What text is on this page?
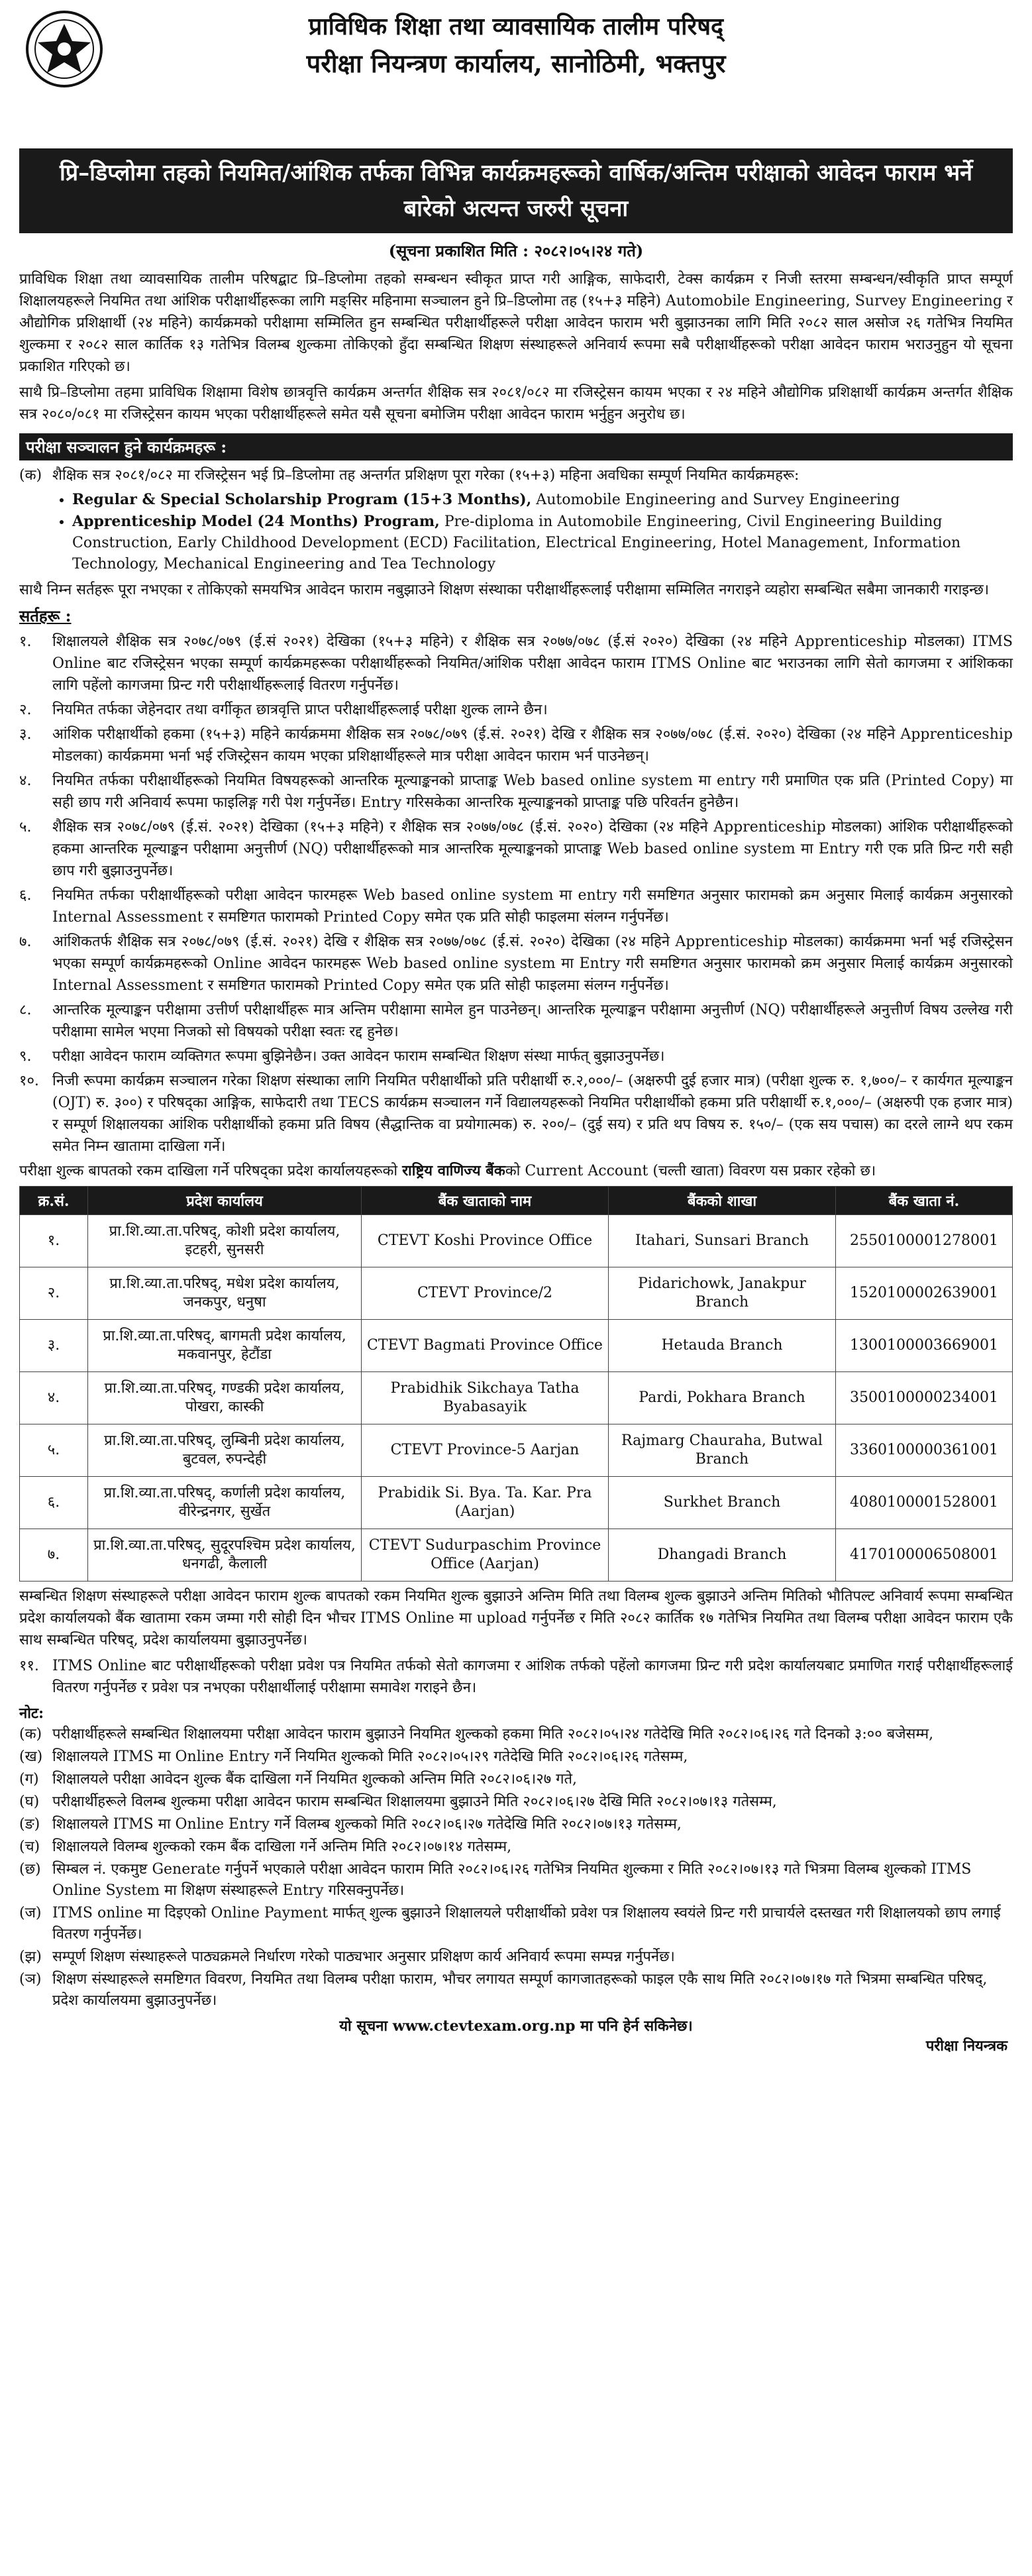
प्राविधिक शिक्षा तथा व्यावसायिक तालीम परिषद्
परीक्षा नियन्त्रण कार्यालय, सानोठिमी, भक्तपुर
प्रि–डिप्लोमा तहको नियमित/आंशिक तर्फका विभिन्न कार्यक्रमहरूको वार्षिक/अन्तिम परीक्षाको आवेदन फाराम भर्ने बारेको अत्यन्त जरुरी सूचना
(सूचना प्रकाशित मिति : २०८२।०५।२४ गते)

प्राविधिक शिक्षा तथा व्यावसायिक तालीम परिषद्बाट प्रि–डिप्लोमा तहको सम्बन्धन स्वीकृत प्राप्त गरी आङ्गिक, साफेदारी, टेक्स कार्यक्रम र निजी स्तरमा सम्बन्धन/स्वीकृति प्राप्त सम्पूर्ण शिक्षालयहरूले नियमित तथा आंशिक परीक्षार्थीहरूका लागि मङ्सिर महिनामा सञ्चालन हुने प्रि–डिप्लोमा तह (१५+३ महिने) Automobile Engineering, Survey Engineering र औद्योगिक प्रशिक्षार्थी (२४ महिने) कार्यक्रमको परीक्षामा सम्मिलित हुन सम्बन्धित परीक्षार्थीहरूले परीक्षा आवेदन फाराम भरी बुझाउनका लागि मिति २०८२ साल असोज २६ गतेभित्र नियमित शुल्कमा र २०८२ साल कार्तिक १३ गतेभित्र विलम्ब शुल्कमा तोकिएको हुँदा सम्बन्धित शिक्षण संस्थाहरूले अनिवार्य रूपमा सबै परीक्षार्थीहरूको परीक्षा आवेदन फाराम भराउनुहुन यो सूचना प्रकाशित गरिएको छ।

साथै प्रि–डिप्लोमा तहमा प्राविधिक शिक्षामा विशेष छात्रवृत्ति कार्यक्रम अन्तर्गत शैक्षिक सत्र २०८१/०८२ मा रजिस्ट्रेसन कायम भएका र २४ महिने औद्योगिक प्रशिक्षार्थी कार्यक्रम अन्तर्गत शैक्षिक सत्र २०८०/०८१ मा रजिस्ट्रेसन कायम भएका परीक्षार्थीहरूले समेत यसै सूचना बमोजिम परीक्षा आवेदन फाराम भर्नुहुन अनुरोध छ।

परीक्षा सञ्चालन हुने कार्यक्रमहरू :
(क) शैक्षिक सत्र २०८१/०८२ मा रजिस्ट्रेसन भई प्रि–डिप्लोमा तह अन्तर्गत प्रशिक्षण पूरा गरेका (१५+३) महिना अवधिका सम्पूर्ण नियमित कार्यक्रमहरू:
• Regular & Special Scholarship Program (15+3 Months), Automobile Engineering and Survey Engineering
• Apprenticeship Model (24 Months) Program, Pre-diploma in Automobile Engineering, Civil Engineering Building Construction, Early Childhood Development (ECD) Facilitation, Electrical Engineering, Hotel Management, Information Technology, Mechanical Engineering and Tea Technology

साथै निम्न सर्तहरू पूरा नभएका र तोकिएको समयभित्र आवेदन फाराम नबुझाउने शिक्षण संस्थाका परीक्षार्थीहरूलाई परीक्षामा सम्मिलित नगराइने व्यहोरा सम्बन्धित सबैमा जानकारी गराइन्छ।

सर्तहरू :
१.	शिक्षालयले शैक्षिक सत्र २०७८/०७९ (ई.सं २०२१) देखिका (१५+३ महिने) र शैक्षिक सत्र २०७७/०७८ (ई.सं २०२०) देखिका (२४ महिने Apprenticeship मोडलका) ITMS Online बाट रजिस्ट्रेसन भएका सम्पूर्ण कार्यक्रमहरूका परीक्षार्थीहरूको नियमित/आंशिक परीक्षा आवेदन फाराम ITMS Online बाट भराउनका लागि सेतो कागजमा र आंशिकका लागि पहेंलो कागजमा प्रिन्ट गरी परीक्षार्थीहरूलाई वितरण गर्नुपर्नेछ।
२.	नियमित तर्फका जेहेनदार तथा वर्गीकृत छात्रवृत्ति प्राप्त परीक्षार्थीहरूलाई परीक्षा शुल्क लाग्ने छैन।
३.	आंशिक परीक्षार्थीको हकमा (१५+३) महिने कार्यक्रममा शैक्षिक सत्र २०७८/०७९ (ई.सं. २०२१) देखि र शैक्षिक सत्र २०७७/०७८ (ई.सं. २०२०) देखिका (२४ महिने Apprenticeship मोडलका) कार्यक्रममा भर्ना भई रजिस्ट्रेसन कायम भएका प्रशिक्षार्थीहरूले मात्र परीक्षा आवेदन फाराम भर्न पाउनेछन्।
४.	नियमित तर्फका परीक्षार्थीहरूको नियमित विषयहरूको आन्तरिक मूल्याङ्कनको प्राप्ताङ्क Web based online system मा entry गरी प्रमाणित एक प्रति (Printed Copy) मा सही छाप गरी अनिवार्य रूपमा फाइलिङ्ग गरी पेश गर्नुपर्नेछ। Entry गरिसकेका आन्तरिक मूल्याङ्कनको प्राप्ताङ्क पछि परिवर्तन हुनेछैन।
५.	शैक्षिक सत्र २०७८/०७९ (ई.सं. २०२१) देखिका (१५+३ महिने) र शैक्षिक सत्र २०७७/०७८ (ई.सं. २०२०) देखिका (२४ महिने Apprenticeship मोडलका) आंशिक परीक्षार्थीहरूको हकमा आन्तरिक मूल्याङ्कन परीक्षामा अनुत्तीर्ण (NQ) परीक्षार्थीहरूको मात्र आन्तरिक मूल्याङ्कनको प्राप्ताङ्क Web based online system मा Entry गरी एक प्रति प्रिन्ट गरी सही छाप गरी बुझाउनुपर्नेछ।
६.	नियमित तर्फका परीक्षार्थीहरूको परीक्षा आवेदन फारमहरू Web based online system मा entry गरी समष्टिगत अनुसार फारामको क्रम अनुसार मिलाई कार्यक्रम अनुसारको Internal Assessment र समष्टिगत फारामको Printed Copy समेत एक प्रति सोही फाइलमा संलग्न गर्नुपर्नेछ।
७.	आंशिकतर्फ शैक्षिक सत्र २०७८/०७९ (ई.सं. २०२१) देखि र शैक्षिक सत्र २०७७/०७८ (ई.सं. २०२०) देखिका (२४ महिने Apprenticeship मोडलका) कार्यक्रममा भर्ना भई रजिस्ट्रेसन भएका सम्पूर्ण कार्यक्रमहरूको Online आवेदन फारमहरू Web based online system मा Entry गरी समष्टिगत अनुसार फारामको क्रम अनुसार मिलाई कार्यक्रम अनुसारको Internal Assessment र समष्टिगत फारामको Printed Copy समेत एक प्रति सोही फाइलमा संलग्न गर्नुपर्नेछ।
८.	आन्तरिक मूल्याङ्कन परीक्षामा उत्तीर्ण परीक्षार्थीहरू मात्र अन्तिम परीक्षामा सामेल हुन पाउनेछन्। आन्तरिक मूल्याङ्कन परीक्षामा अनुत्तीर्ण (NQ) परीक्षार्थीहरूले अनुत्तीर्ण विषय उल्लेख गरी परीक्षामा सामेल भएमा निजको सो विषयको परीक्षा स्वतः रद्द हुनेछ।
९.	परीक्षा आवेदन फाराम व्यक्तिगत रूपमा बुझिनेछैन। उक्त आवेदन फाराम सम्बन्धित शिक्षण संस्था मार्फत् बुझाउनुपर्नेछ।
१०. निजी रूपमा कार्यक्रम सञ्चालन गरेका शिक्षण संस्थाका लागि नियमित परीक्षार्थीको प्रति परीक्षार्थी रु.२,०००/– (अक्षरुपी दुई हजार मात्र) (परीक्षा शुल्क रु. १,७००/– र कार्यगत मूल्याङ्कन (OJT) रु. ३००) र परिषद्का आङ्गिक, साफेदारी तथा TECS कार्यक्रम सञ्चालन गर्ने विद्यालयहरूको नियमित परीक्षार्थीको हकमा प्रति परीक्षार्थी रु.१,०००/– (अक्षरुपी एक हजार मात्र) र सम्पूर्ण शिक्षालयका आंशिक परीक्षार्थीको हकमा प्रति विषय (सैद्धान्तिक वा प्रयोगात्मक) रु. २००/– (दुई सय) र प्रति थप विषय रु. १५०/– (एक सय पचास) का दरले लाग्ने थप रकम समेत निम्न खातामा दाखिला गर्ने।

परीक्षा शुल्क बापतको रकम दाखिला गर्ने परिषद्का प्रदेश कार्यालयहरूको राष्ट्रिय वाणिज्य बैंकको Current Account (चल्ती खाता) विवरण यस प्रकार रहेको छ।

क्र.सं.	प्रदेश कार्यालय	बैंक खाताको नाम	बैंकको शाखा	बैंक खाता नं.
१.	प्रा.शि.व्या.ता.परिषद्, कोशी प्रदेश कार्यालय, इटहरी, सुनसरी	CTEVT Koshi Province Office	Itahari, Sunsari Branch	2550100001278001
२.	प्रा.शि.व्या.ता.परिषद्, मधेश प्रदेश कार्यालय, जनकपुर, धनुषा	CTEVT Province/2	Pidarichowk, Janakpur Branch	1520100002639001
३.	प्रा.शि.व्या.ता.परिषद्, बागमती प्रदेश कार्यालय, मकवानपुर, हेटौंडा	CTEVT Bagmati Province Office	Hetauda Branch	1300100003669001
४.	प्रा.शि.व्या.ता.परिषद्, गण्डकी प्रदेश कार्यालय, पोखरा, कास्की	Prabidhik Sikchaya Tatha Byabasayik	Pardi, Pokhara Branch	3500100000234001
५.	प्रा.शि.व्या.ता.परिषद्, लुम्बिनी प्रदेश कार्यालय, बुटवल, रुपन्देही	CTEVT Province-5 Aarjan	Rajmarg Chauraha, Butwal Branch	3360100000361001
६.	प्रा.शि.व्या.ता.परिषद्, कर्णाली प्रदेश कार्यालय, वीरेन्द्रनगर, सुर्खेत	Prabidik Si. Bya. Ta. Kar. Pra (Aarjan)	Surkhet Branch	4080100001528001
७.	प्रा.शि.व्या.ता.परिषद्, सुदूरपश्चिम प्रदेश कार्यालय, धनगढी, कैलाली	CTEVT Sudurpaschim Province Office (Aarjan)	Dhangadi Branch	4170100006508001

सम्बन्धित शिक्षण संस्थाहरूले परीक्षा आवेदन फाराम शुल्क बापतको रकम नियमित शुल्क बुझाउने अन्तिम मिति तथा विलम्ब शुल्क बुझाउने अन्तिम मितिको भौतिपल्ट अनिवार्य रूपमा सम्बन्धित प्रदेश कार्यालयको बैंक खातामा रकम जम्मा गरी सोही दिन भौचर ITMS Online मा upload गर्नुपर्नेछ र मिति २०८२ कार्तिक १७ गतेभित्र नियमित तथा विलम्ब परीक्षा आवेदन फाराम एकै साथ सम्बन्धित परिषद्, प्रदेश कार्यालयमा बुझाउनुपर्नेछ।

११. ITMS Online बाट परीक्षार्थीहरूको परीक्षा प्रवेश पत्र नियमित तर्फको सेतो कागजमा र आंशिक तर्फको पहेंलो कागजमा प्रिन्ट गरी प्रदेश कार्यालयबाट प्रमाणित गराई परीक्षार्थीहरूलाई वितरण गर्नुपर्नेछ र प्रवेश पत्र नभएका परीक्षार्थीलाई परीक्षामा समावेश गराइने छैन।
नोट:
(क) परीक्षार्थीहरूले सम्बन्धित शिक्षालयमा परीक्षा आवेदन फाराम बुझाउने नियमित शुल्कको हकमा मिति २०८२।०५।२४ गतेदेखि मिति २०८२।०६।२६ गते दिनको ३:०० बजेसम्म,
(ख) शिक्षालयले ITMS मा Online Entry गर्ने नियमित शुल्कको मिति २०८२।०५।२९ गतेदेखि मिति २०८२।०६।२६ गतेसम्म,
(ग) शिक्षालयले परीक्षा आवेदन शुल्क बैंक दाखिला गर्ने नियमित शुल्कको अन्तिम मिति २०८२।०६।२७ गते,
(घ) परीक्षार्थीहरूले विलम्ब शुल्कमा परीक्षा आवेदन फाराम सम्बन्धित शिक्षालयमा बुझाउने मिति २०८२।०६।२७ देखि मिति २०८२।०७।१३ गतेसम्म,
(ङ) शिक्षालयले ITMS मा Online Entry गर्ने विलम्ब शुल्कको मिति २०८२।०६।२७ गतेदेखि मिति २०८२।०७।१३ गतेसम्म,
(च) शिक्षालयले विलम्ब शुल्कको रकम बैंक दाखिला गर्ने अन्तिम मिति २०८२।०७।१४ गतेसम्म,
(छ) सिम्बल नं. एकमुष्ट Generate गर्नुपर्ने भएकाले परीक्षा आवेदन फाराम मिति २०८२।०६।२६ गतेभित्र नियमित शुल्कमा र मिति २०८२।०७।१३ गते भित्रमा विलम्ब शुल्कको ITMS Online System मा शिक्षण संस्थाहरूले Entry गरिसक्नुपर्नेछ।
(ज) ITMS online मा दिइएको Online Payment मार्फत् शुल्क बुझाउने शिक्षालयले परीक्षार्थीको प्रवेश पत्र शिक्षालय स्वयंले प्रिन्ट गरी प्राचार्यले दस्तखत गरी शिक्षालयको छाप लगाई वितरण गर्नुपर्नेछ।
(झ) सम्पूर्ण शिक्षण संस्थाहरूले पाठ्यक्रमले निर्धारण गरेको पाठ्यभार अनुसार प्रशिक्षण कार्य अनिवार्य रूपमा सम्पन्न गर्नुपर्नेछ।
(ञ) शिक्षण संस्थाहरूले समष्टिगत विवरण, नियमित तथा विलम्ब परीक्षा फाराम, भौचर लगायत सम्पूर्ण कागजातहरूको फाइल एकै साथ मिति २०८२।०७।१७ गते भित्रमा सम्बन्धित परिषद्, प्रदेश कार्यालयमा बुझाउनुपर्नेछ।
यो सूचना www.ctevtexam.org.np मा पनि हेर्न सकिनेछ।
परीक्षा नियन्त्रक
